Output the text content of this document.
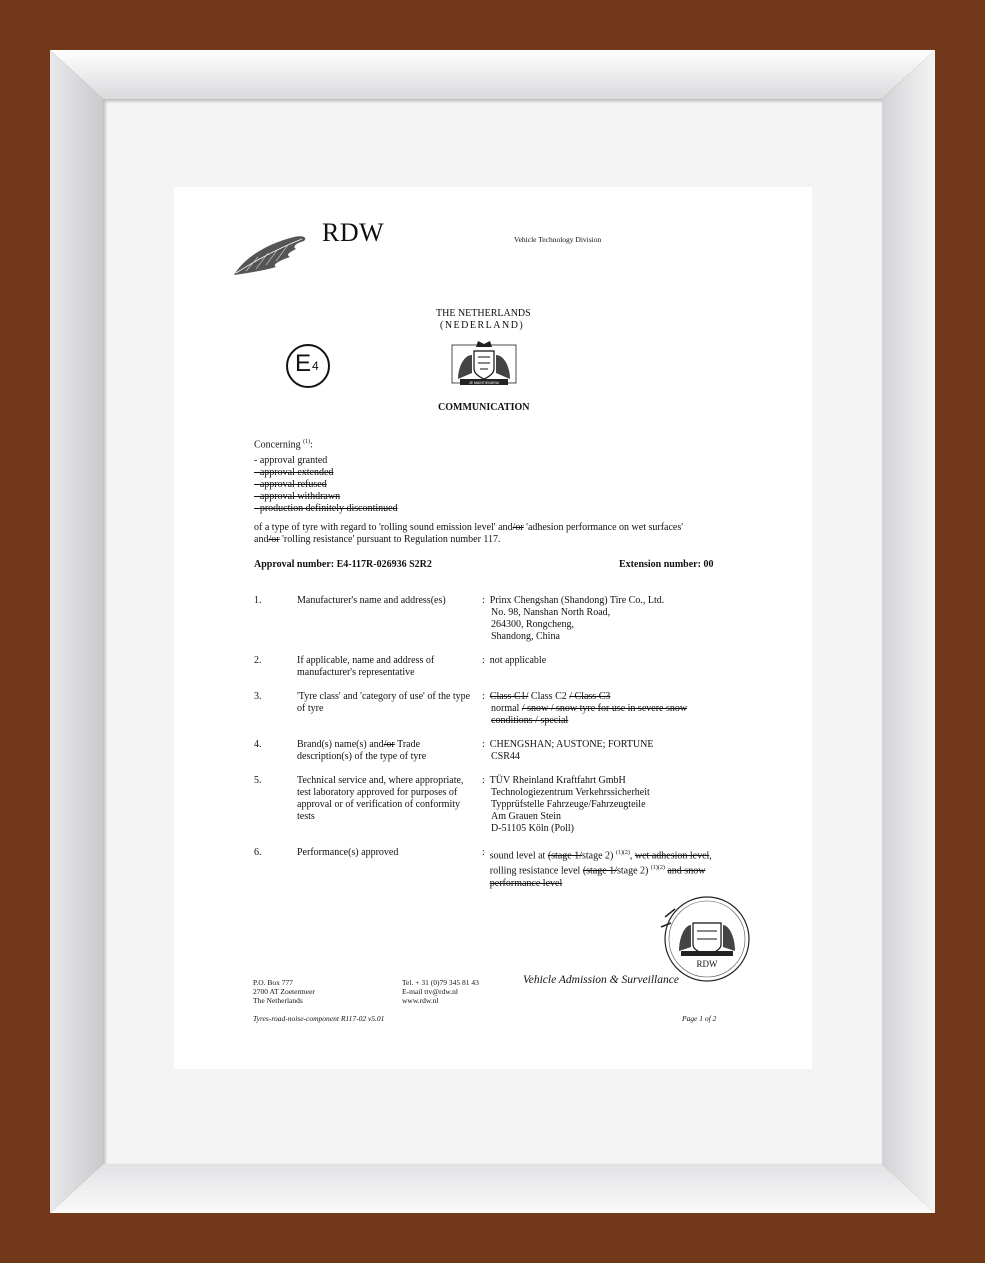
RDW	Vehicle Technology Division
THE NETHERLANDS
(NEDERLAND)
E 4
JE MAINTIENDRAI
COMMUNICATION
Concerning $^{(1)}$:
- approval granted
- approval extended
- approval refused
- approval withdrawn
- production definitely discontinued
of a type of tyre with regard to 'rolling sound emission level' and/or 'adhesion performance on wet surfaces'
and/or 'rolling resistance' pursuant to Regulation number 117.
Approval number: E4-117R-026936 S2R2	Extension number: 00
1.	Manufacturer's name and address(es)	: Prinx Chengshan (Shandong) Tire Co., Ltd.
No. 98, Nanshan North Road,
264300, Rongcheng,
Shandong, China
2.	If applicable, name and address of manufacturer's representative
: not applicable
3.	'Tyre class' and 'category of use' of the type of tyre
: Class C1/ Class C2 / Class C3
normal / snow / snow tyre for use in severe snow conditions / special
4.	Brand(s) name(s) and/or Trade description(s) of the type of tyre
: CHENGSHAN; AUSTONE; FORTUNE
CSR44
5.	Technical service and, where appropriate, test laboratory approved for purposes of approval or of verification of conformity tests
: TÜV Rheinland Kraftfahrt GmbH
Technologiezentrum Verkehrssicherheit
Typprüfstelle Fahrzeuge/Fahrzeugteile
Am Grauen Stein
D-51105 Köln (Poll)
6.	Performance(s) approved	:
sound level at (stage 1/stage 2) $^{(1)(2)}$, wet adhesion level, rolling resistance level (stage 1/stage 2) $^{(1)(2)}$ and snow performance level
RDW
P.O. Box 777
2700 AT Zoetermeer
The Netherlands
Tel. + 31 (0)79 345 81 43
E-mail ttv@rdw.nl
www.rdw.nl
Vehicle Admission & Surveillance
Tyres-road-noise-component R117-02 v5.01	Page 1 of 2
